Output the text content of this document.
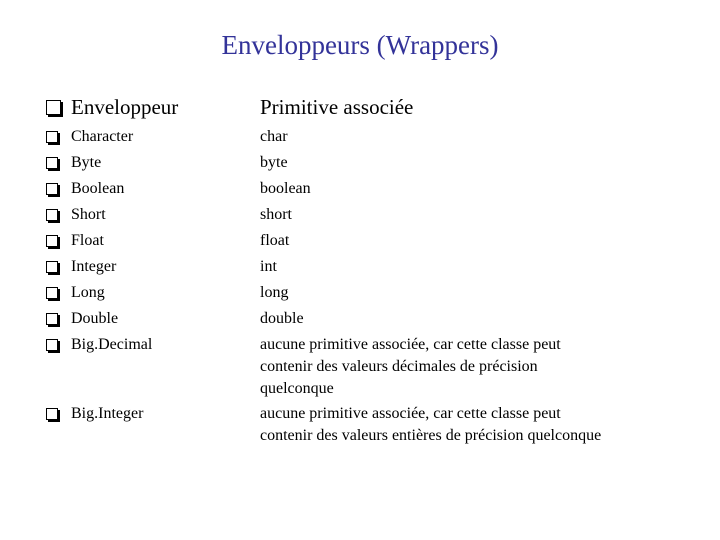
Enveloppeurs (Wrappers)
Enveloppeur	Primitive associée
Character	char
Byte	byte
Boolean	boolean
Short	short
Float	float
Integer	int
Long	long
Double	double
Big.Decimal	aucune primitive associée, car cette classe peut contenir des valeurs décimales de précision quelconque
Big.Integer	aucune primitive associée, car cette classe peut contenir des valeurs entières de précision quelconque
